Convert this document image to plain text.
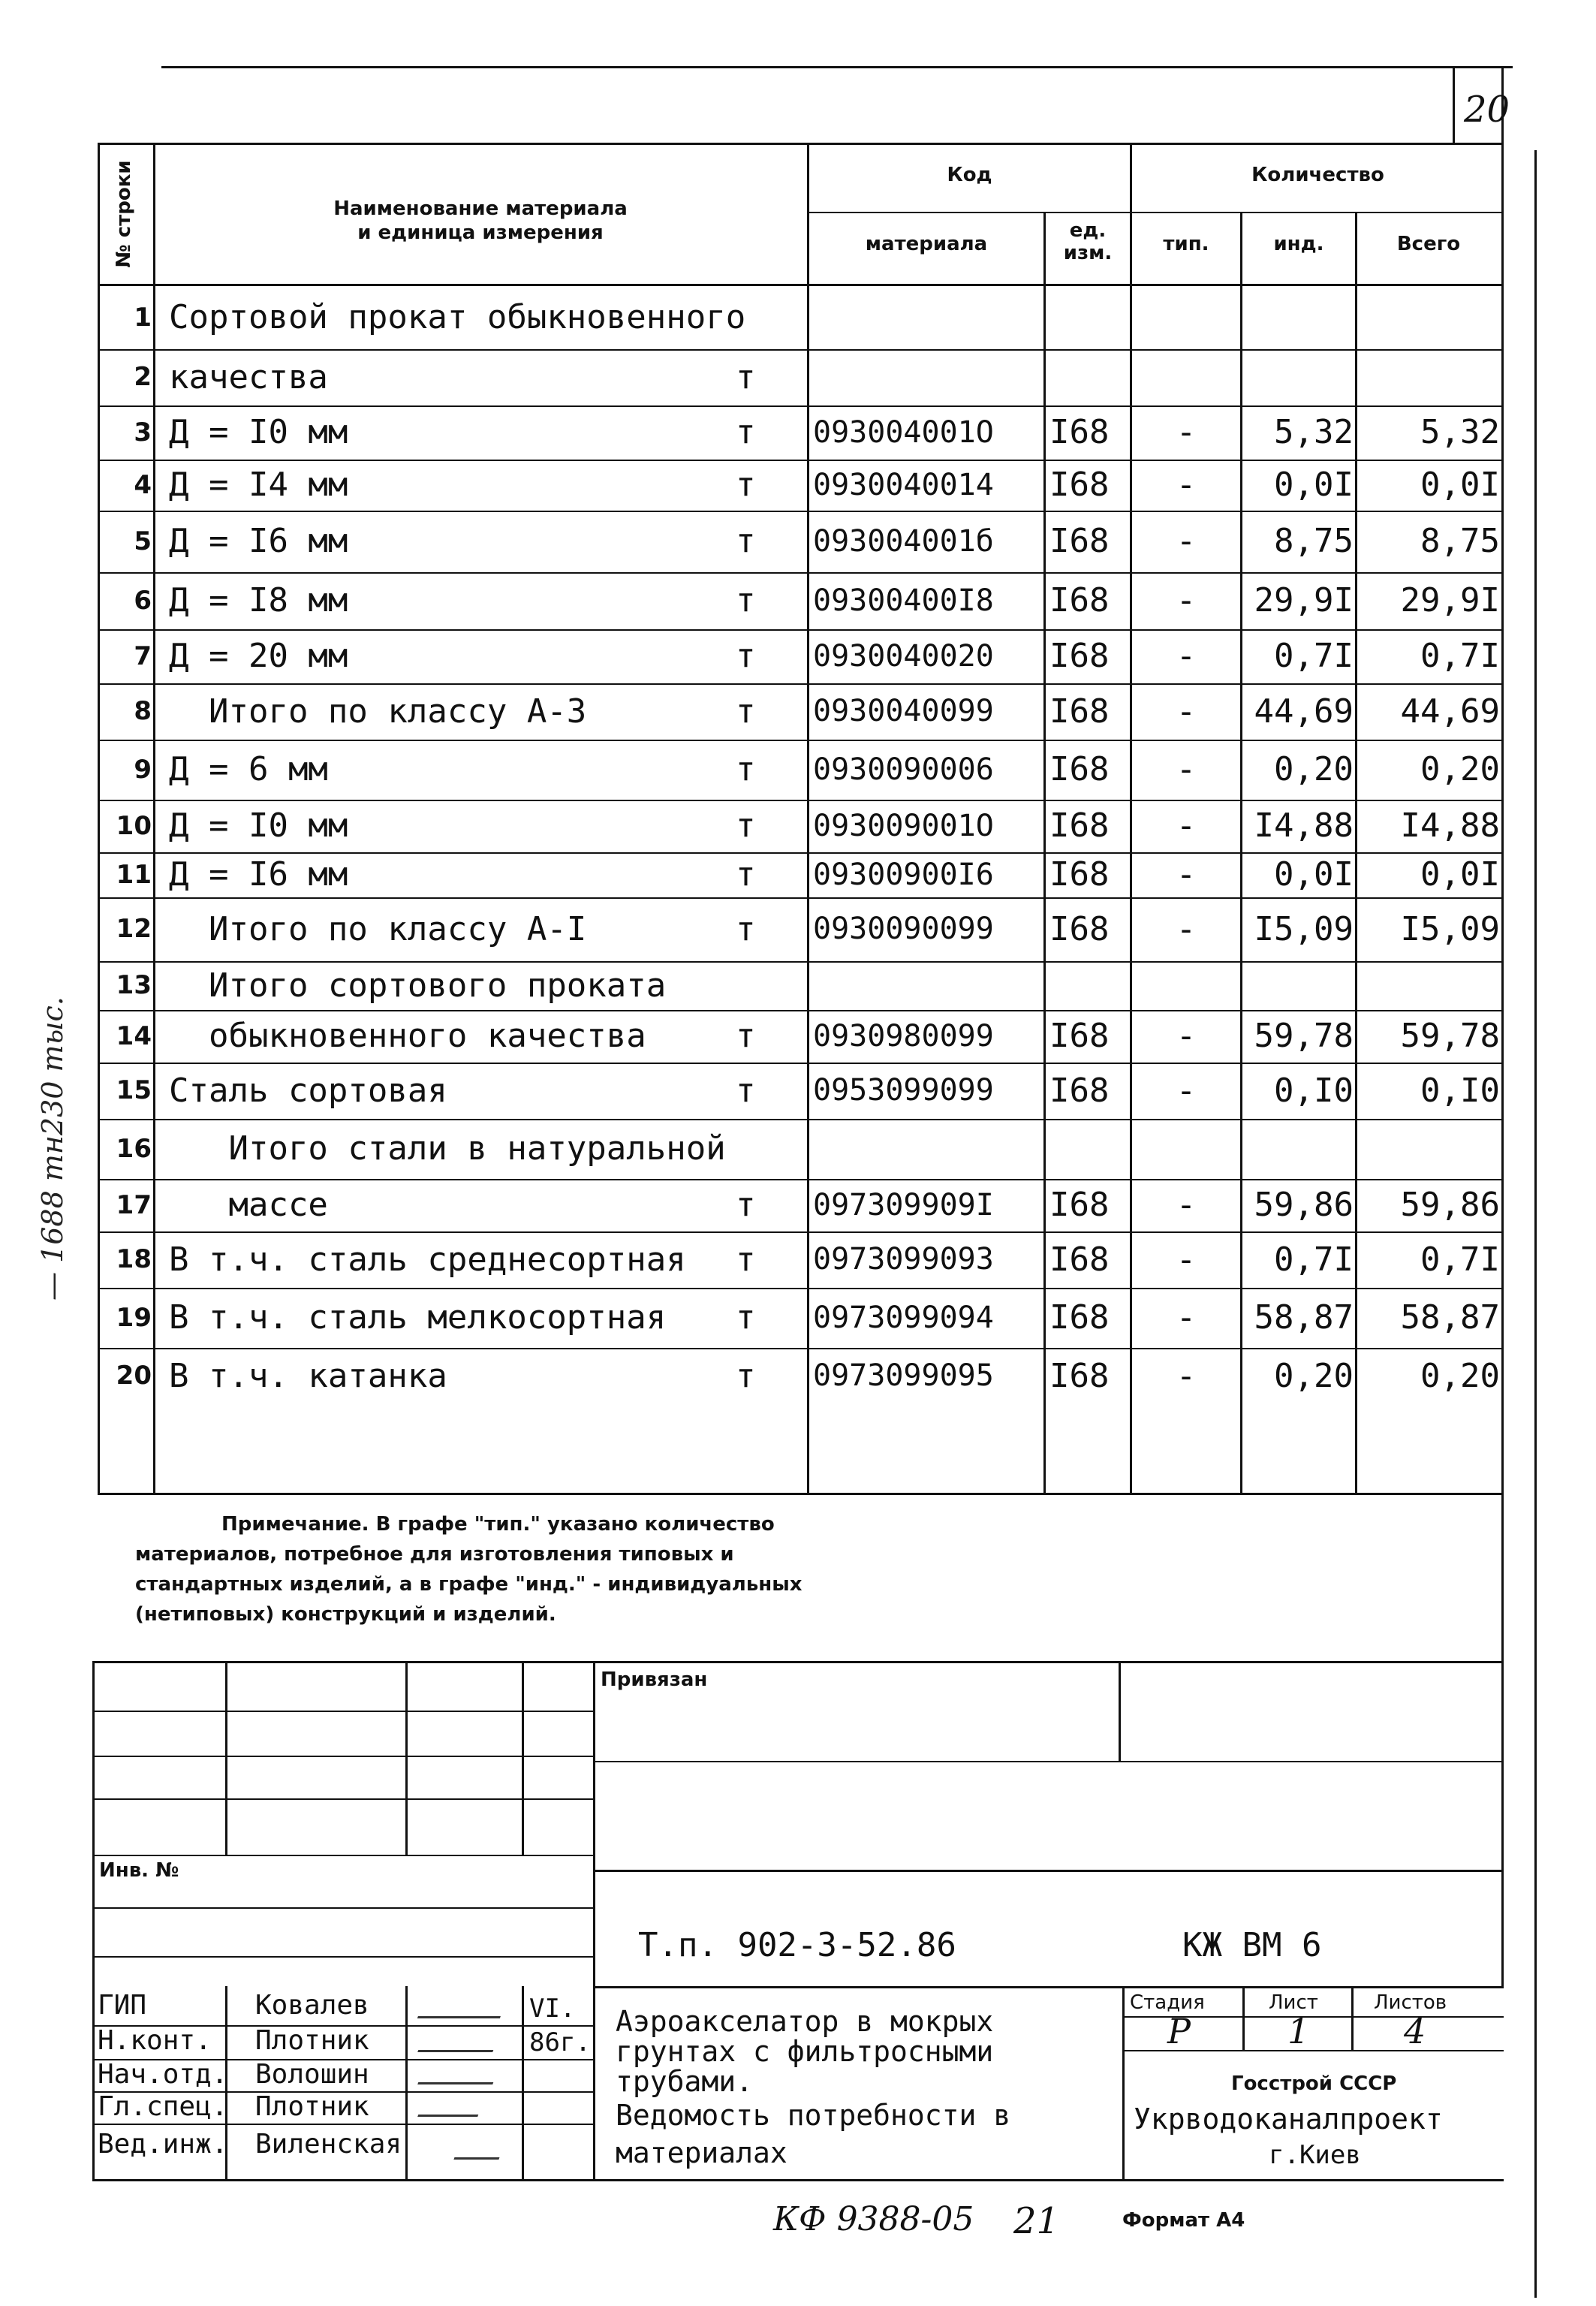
20
№ строки	Наименование материала
и единица измерения
Код	Количество
материала
ед.
изм.	тип.	инд.	Всего
1 Сортовой прокат обыкновенного
2 качества	т
3 Д = I0 мм	т	093004001О	I68	-	5,32	5,32
4 Д = I4 мм	т	0930040014	I68	-	0,0I	0,0I
5 Д = I6 мм	т	093004001б	I68	-	8,75	8,75
6 Д = I8 мм	т	09300400I8	I68	-	29,9I	29,9I
7 Д = 20 мм	т	0930040020	I68	-	0,7I	0,7I
8 Итого по классу А-3	т	0930040099	I68	-	44,69	44,69
9 Д = 6 мм	т	0930090006	I68	-	0,20	0,20
10 Д = I0 мм	т	093009001O	I68	-	I4,88	I4,88
11 Д = I6 мм	т	09300900I6	I68	-	0,0I	0,0I
12 Итого по классу А-I	т	0930090099	I68	-	I5,09	I5,09
13 Итого сортового проката
14 обыкновенного качества	т	0930980099	I68	-	59,78	59,78
15 Сталь сортовая	т	0953099099	I68	-	0,I0	0,I0
16 Итого стали в натуральной
17 массе	т	097309909I	I68	-	59,86	59,86
18 В т.ч. сталь среднесортная	т	0973099093	I68	-	0,7I	0,7I
19 В т.ч. сталь мелкосортная	т	0973099094	I68	-	58,87	58,87
20 В т.ч. катанка	т	0973099095	I68	-	0,20	0,20
Примечание. В графе "тип." указано количество
материалов, потребное для изготовления типовых и
стандартных изделий, а в графе "инд." - индивидуальных
(нетиповых) конструкций и изделий.
Привязан
Инв. №
Т.п. 902-3-52.86	КЖ ВМ 6
ГИП	Ковалев
Н.конт. Плотник
Нач.отд. Волошин
Гл.спец. Плотник
Вед.инж. Виленская
VI.
86г.
Аэроакселатор в мокрых
грунтах с фильтросными
трубами.
Ведомость потребности в
материалах
Стадия	Лист	Листов
Р	1	4
Госстрой СССР
Укрводоканалпроект
г.Киев
КФ 9388-05 21	Формат А4
— 1688 тн230 тыс.
